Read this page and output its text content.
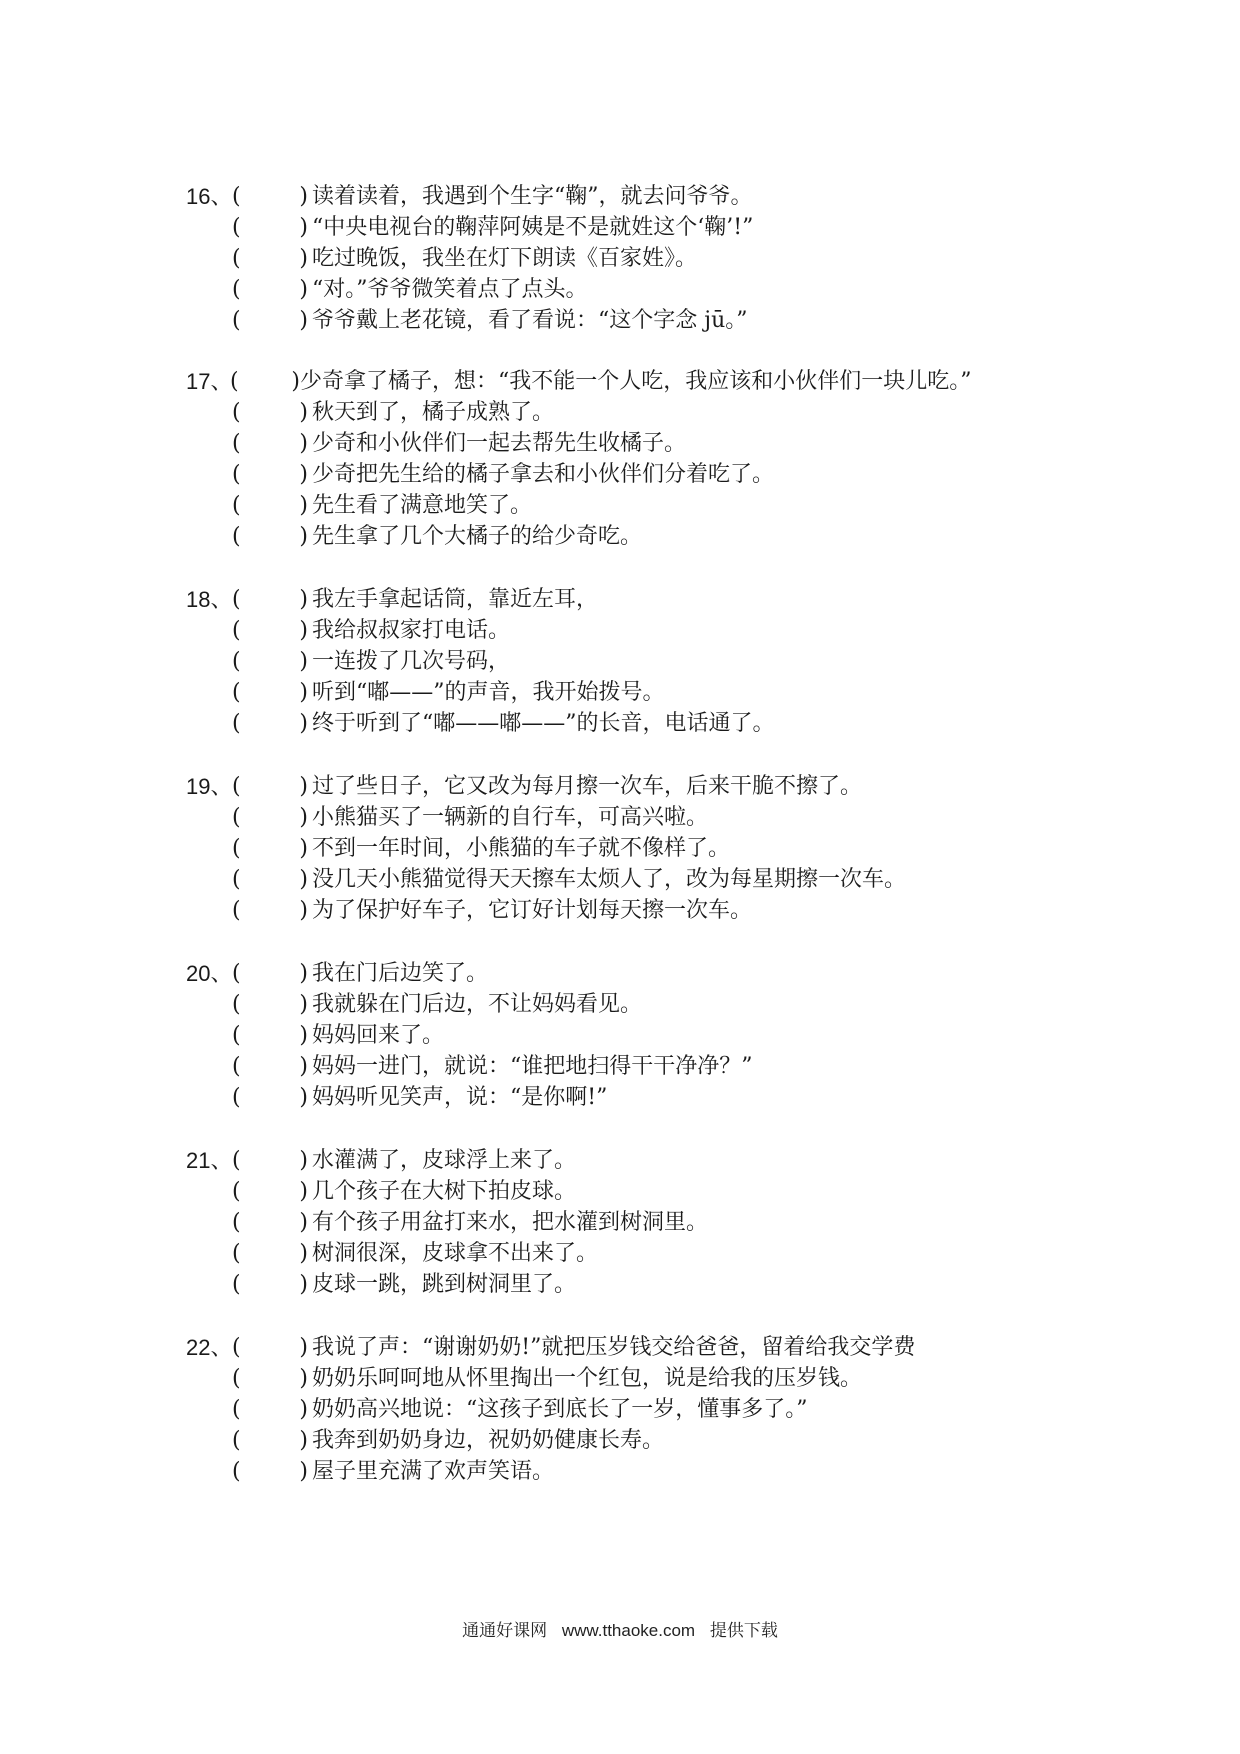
16、 (	) 读着读着，我遇到个生字“鞠”，就去问爷爷。
(	) “中央电视台的鞠萍阿姨是不是就姓这个‘鞠’!”
(	) 吃过晚饭，我坐在灯下朗读《百家姓》。
(	) “对。”爷爷微笑着点了点头。
(	) 爷爷戴上老花镜，看了看说：“这个字念 jū。”
17、
( ) 少奇拿了橘子，想：“我不能一个人吃，我应该和小伙伴们一块儿吃。”
(	) 秋天到了，橘子成熟了。
(	) 少奇和小伙伴们一起去帮先生收橘子。
(	) 少奇把先生给的橘子拿去和小伙伴们分着吃了。
(	) 先生看了满意地笑了。
(	) 先生拿了几个大橘子的给少奇吃。
18、 (	) 我左手拿起话筒，靠近左耳，
(	) 我给叔叔家打电话。
(	) 一连拨了几次号码，
(	) 听到“嘟——”的声音，我开始拨号。
(	) 终于听到了“嘟——嘟——”的长音，电话通了。
19、 (	) 过了些日子，它又改为每月擦一次车，后来干脆不擦了。
(	) 小熊猫买了一辆新的自行车，可高兴啦。
(	) 不到一年时间，小熊猫的车子就不像样了。
(	) 没几天小熊猫觉得天天擦车太烦人了，改为每星期擦一次车。
(	) 为了保护好车子，它订好计划每天擦一次车。
20、 (	) 我在门后边笑了。
(	) 我就躲在门后边，不让妈妈看见。
(	) 妈妈回来了。
(	) 妈妈一进门，就说：“谁把地扫得干干净净？”
(	) 妈妈听见笑声，说：“是你啊!”
21、 (	) 水灌满了，皮球浮上来了。
(	) 几个孩子在大树下拍皮球。
(	) 有个孩子用盆打来水，把水灌到树洞里。
(	) 树洞很深，皮球拿不出来了。
(	) 皮球一跳，跳到树洞里了。
22、 (	) 我说了声：“谢谢奶奶!”就把压岁钱交给爸爸，留着给我交学费
(	) 奶奶乐呵呵地从怀里掏出一个红包，说是给我的压岁钱。
(	) 奶奶高兴地说：“这孩子到底长了一岁，懂事多了。”
(	) 我奔到奶奶身边，祝奶奶健康长寿。
(	) 屋子里充满了欢声笑语。
通通好课网 www.tthaoke.com 提供下载
